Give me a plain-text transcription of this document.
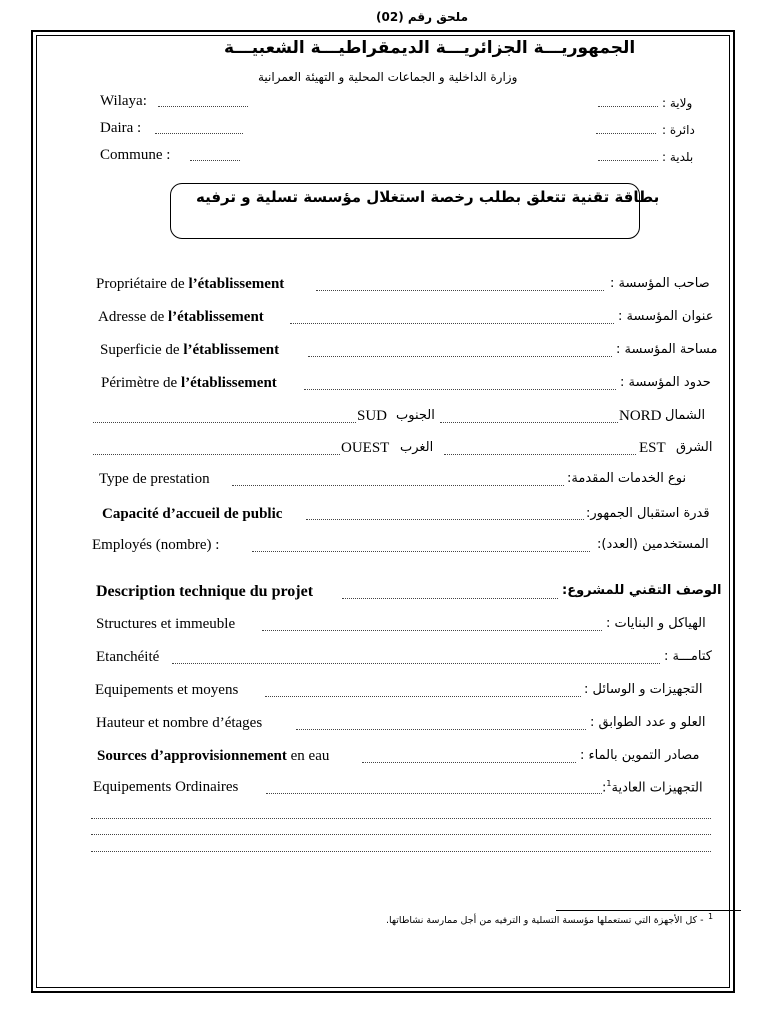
ملحق رقم (02)
الجمهوريـــة الجزائريـــة الديمقراطيـــة الشعبيـــة
وزارة الداخلية و الجماعات المحلية و التهيئة العمرانية
Wilaya:	ولاية :
Daira :	دائرة :
Commune :	بلدية :
بطاقة تقنية تتعلق بطلب رخصة استغلال مؤسسة تسلية و ترفيه
Propriétaire de l’établissement	صاحب المؤسسة :
Adresse de l’établissement	عنوان المؤسسة :
Superficie de l’établissement	مساحة المؤسسة :
Périmètre de l’établissement	حدود المؤسسة :
SUD الجنوب	NORD الشمال
OUEST الغرب	EST الشرق
Type de prestation	نوع الخدمات المقدمة:
Capacité d’accueil de public	قدرة استقبال الجمهور:
Employés (nombre) :	المستخدمين (العدد):
Description technique du projet	الوصف التقني للمشروع:
Structures et immeuble	الهياكل و البنايات :
Etanchéité	كتامـــة :
Equipements et moyens	التجهيزات و الوسائل :
Hauteur et nombre d’étages	العلو و عدد الطوابق :
Sources d’approvisionnement en eau	مصادر التموين بالماء :
Equipements Ordinaires	التجهيزات العادية$^1$:
- كل الأجهزة التي تستعملها مؤسسة التسلية و الترفيه من أجل ممارسة نشاطاتها. 1
